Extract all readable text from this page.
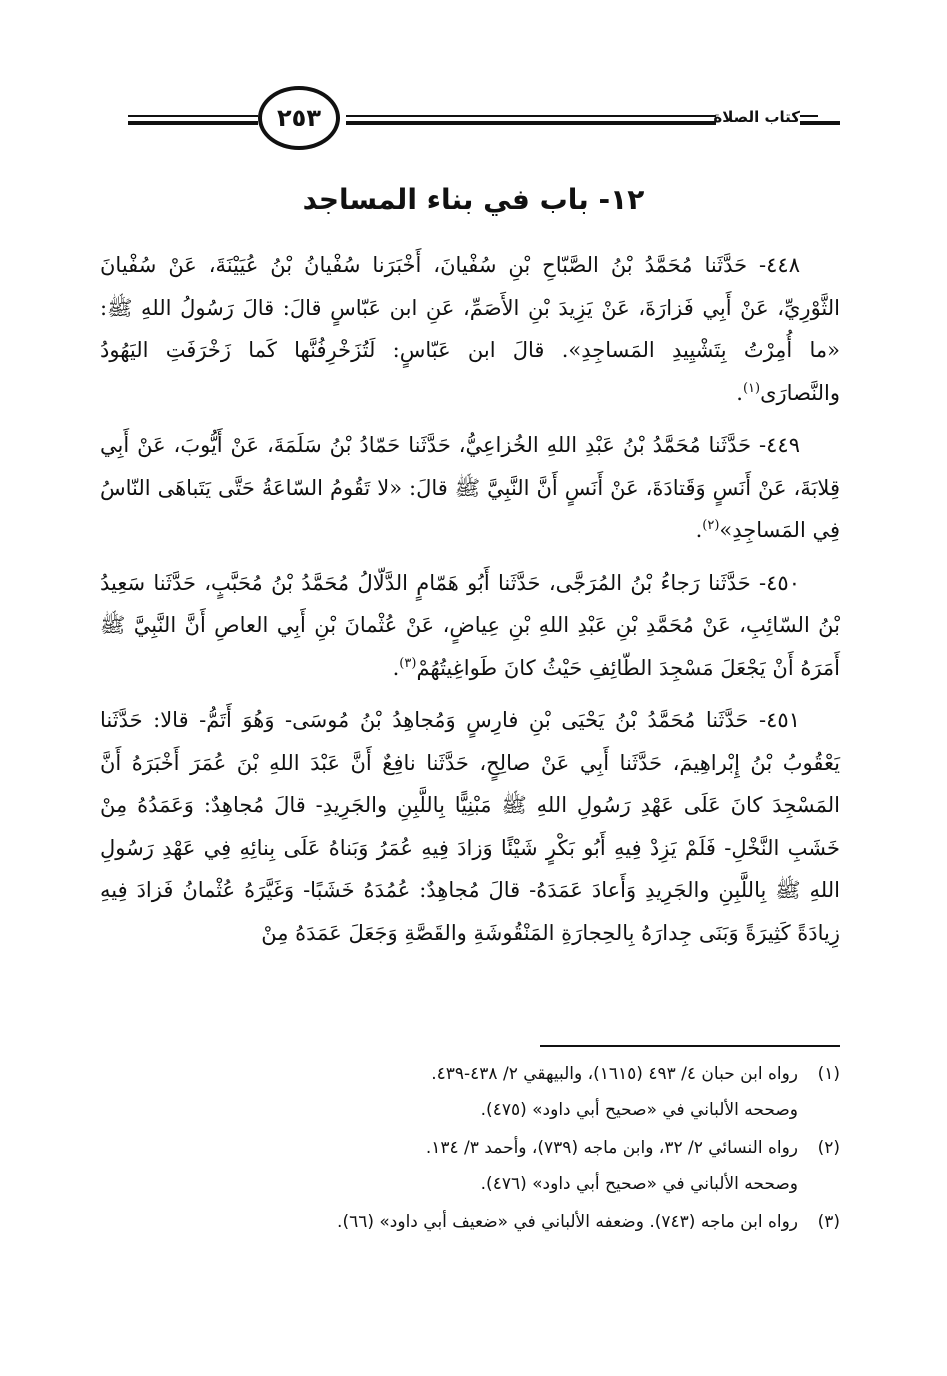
٢٥٣	كتاب الصلاة
١٢- باب في بناء المساجد

٤٤٨- حَدَّثَنا مُحَمَّدُ بْنُ الصَّبّاحِ بْنِ سُفْيانَ، أَخْبَرَنا سُفْيانُ بْنُ عُيَيْنَةَ، عَنْ سُفْيانَ الثَّوْرِيِّ، عَنْ أَبِي فَزارَةَ، عَنْ يَزِيدَ بْنِ الأَصَمِّ، عَنِ ابن عَبّاسٍ قالَ: قالَ رَسُولُ اللهِ ﷺ: «ما أُمِرْتُ بِتَشْيِيدِ المَساجِدِ». قالَ ابن عَبّاسٍ: لَتُزَخْرِفُنَّها كَما زَخْرَفَتِ اليَهُودُ والنَّصارَى$^{(١)}$.

٤٤٩- حَدَّثَنا مُحَمَّدُ بْنُ عَبْدِ اللهِ الخُزاعِيُّ، حَدَّثَنا حَمّادُ بْنُ سَلَمَةَ، عَنْ أَيُّوبَ، عَنْ أَبِي قِلابَةَ، عَنْ أَنَسٍ وَقَتادَةَ، عَنْ أَنَسٍ أَنَّ النَّبِيَّ ﷺ قالَ: «لا تَقُومُ السّاعَةُ حَتَّى يَتَباهَى النّاسُ فِي المَساجِدِ»$^{(٢)}$.

٤٥٠- حَدَّثَنا رَجاءُ بْنُ المُرَجَّى، حَدَّثَنا أَبُو هَمّامٍ الدَّلّالُ مُحَمَّدُ بْنُ مُحَبَّبٍ، حَدَّثَنا سَعِيدُ بْنُ السّائِبِ، عَنْ مُحَمَّدِ بْنِ عَبْدِ اللهِ بْنِ عِياضٍ، عَنْ عُثْمانَ بْنِ أَبِي العاصِ أَنَّ النَّبِيَّ ﷺ أَمَرَهُ أَنْ يَجْعَلَ مَسْجِدَ الطّائِفِ حَيْثُ كانَ طَواغِيتُهُمْ$^{(٣)}$.

٤٥١- حَدَّثَنا مُحَمَّدُ بْنُ يَحْيَى بْنِ فارِسٍ وَمُجاهِدُ بْنُ مُوسَى- وَهُوَ أَتَمُّ- قالا: حَدَّثَنا يَعْقُوبُ بْنُ إِبْراهِيمَ، حَدَّثَنا أَبِي عَنْ صالِحٍ، حَدَّثَنا نافِعٌ أَنَّ عَبْدَ اللهِ بْنَ عُمَرَ أَخْبَرَهُ أَنَّ المَسْجِدَ كانَ عَلَى عَهْدِ رَسُولِ اللهِ ﷺ مَبْنِيًّا بِاللَّبِنِ والجَرِيدِ- قالَ مُجاهِدٌ: وَعَمَدُهُ مِنْ خَشَبِ النَّخْلِ- فَلَمْ يَزِدْ فِيهِ أَبُو بَكْرٍ شَيْئًا وَزادَ فِيهِ عُمَرُ وَبَناهُ عَلَى بِنائِهِ فِي عَهْدِ رَسُولِ اللهِ ﷺ بِاللَّبِنِ والجَرِيدِ وَأَعادَ عَمَدَهُ- قالَ مُجاهِدٌ: عُمُدَهُ خَشَبًا- وَغَيَّرَهُ عُثْمانُ فَزادَ فِيهِ زِيادَةً كَثِيرَةً وَبَنَى جِدارَهُ بِالحِجارَةِ المَنْقُوشَةِ والقَصَّةِ وَجَعَلَ عَمَدَهُ مِنْ

(١)
رواه ابن حبان ٤/ ٤٩٣ (١٦١٥)، والبيهقي ٢/ ٤٣٨-٤٣٩.
وصححه الألباني في «صحيح أبي داود» (٤٧٥).
(٢)
رواه النسائي ٢/ ٣٢، وابن ماجه (٧٣٩)، وأحمد ٣/ ١٣٤.
وصححه الألباني في «صحيح أبي داود» (٤٧٦).
(٣)
رواه ابن ماجه (٧٤٣). وضعفه الألباني في «ضعيف أبي داود» (٦٦).
